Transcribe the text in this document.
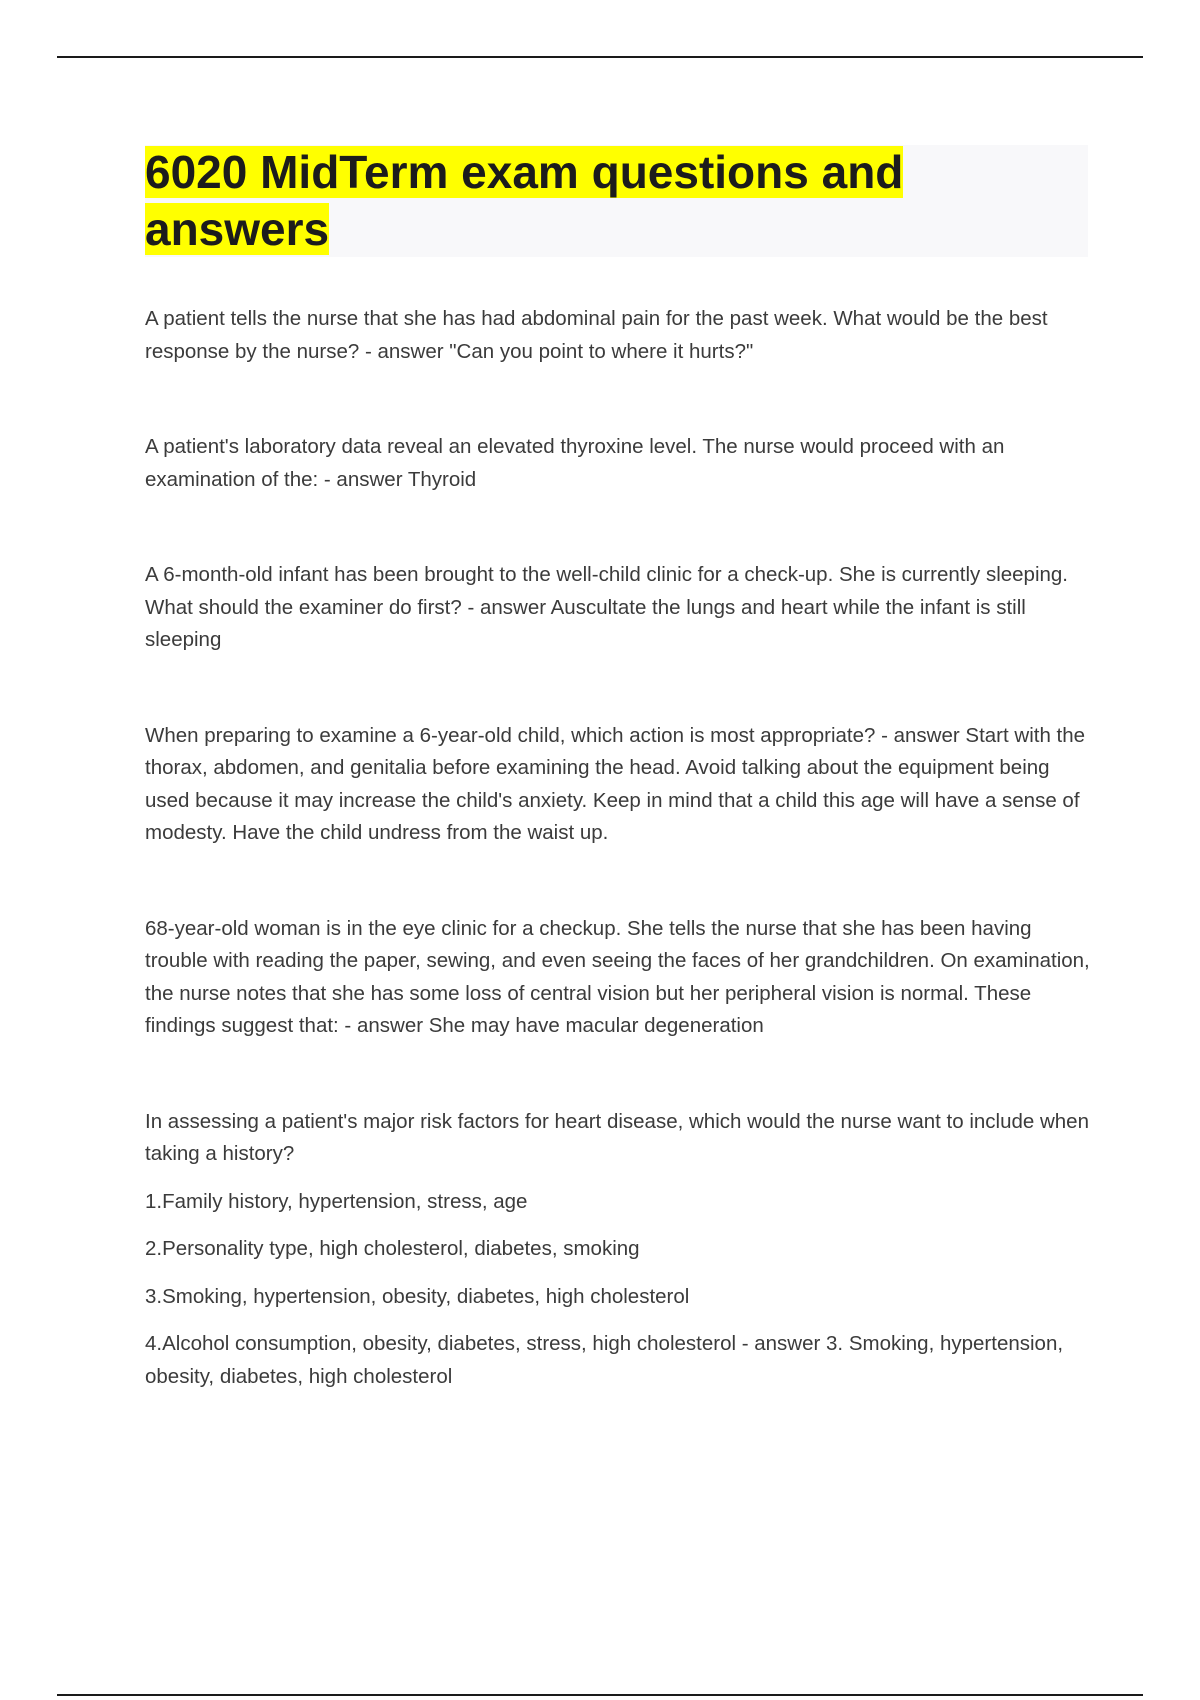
6020 MidTerm exam questions and answers

A patient tells the nurse that she has had abdominal pain for the past week. What would be the best response by the nurse? - answer "Can you point to where it hurts?"

A patient's laboratory data reveal an elevated thyroxine level. The nurse would proceed with an examination of the: - answer Thyroid

A 6-month-old infant has been brought to the well-child clinic for a check-up. She is currently sleeping. What should the examiner do first? - answer Auscultate the lungs and heart while the infant is still sleeping

When preparing to examine a 6-year-old child, which action is most appropriate? - answer Start with the thorax, abdomen, and genitalia before examining the head. Avoid talking about the equipment being used because it may increase the child's anxiety. Keep in mind that a child this age will have a sense of modesty. Have the child undress from the waist up.

68-year-old woman is in the eye clinic for a checkup. She tells the nurse that she has been having trouble with reading the paper, sewing, and even seeing the faces of her grandchildren. On examination, the nurse notes that she has some loss of central vision but her peripheral vision is normal. These findings suggest that: - answer She may have macular degeneration

In assessing a patient's major risk factors for heart disease, which would the nurse want to include when taking a history?

1.Family history, hypertension, stress, age

2.Personality type, high cholesterol, diabetes, smoking

3.Smoking, hypertension, obesity, diabetes, high cholesterol

4.Alcohol consumption, obesity, diabetes, stress, high cholesterol - answer 3. Smoking, hypertension, obesity, diabetes, high cholesterol
